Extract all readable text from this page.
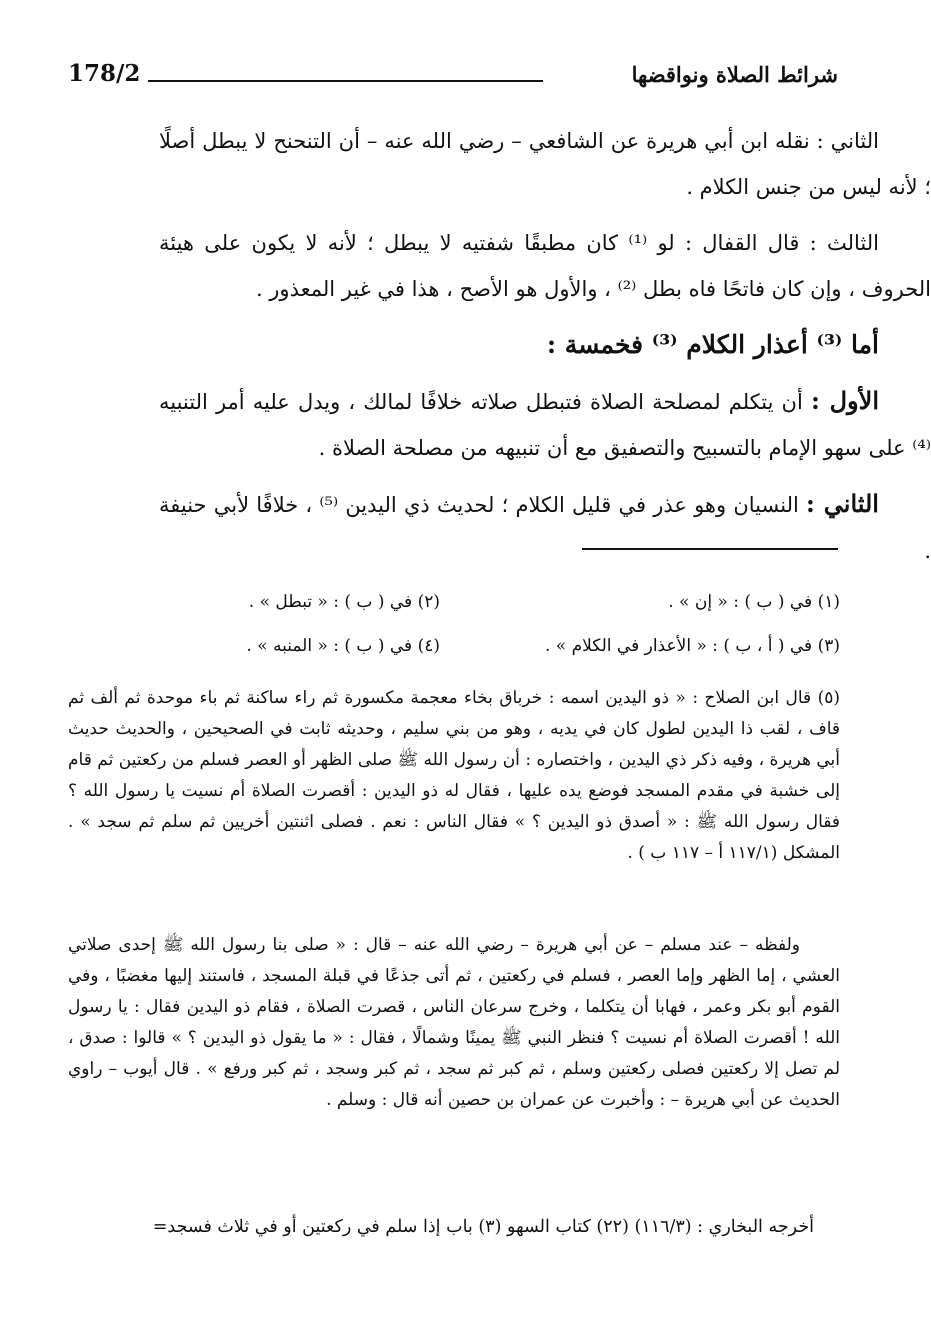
178/2	شرائط الصلاة ونواقضها

الثاني : نقله ابن أبي هريرة عن الشافعي – رضي الله عنه – أن التنحنح لا يبطل أصلًا ؛ لأنه ليس من جنس الكلام .

الثالث : قال القفال : لو ⁽¹⁾ كان مطبقًا شفتيه لا يبطل ؛ لأنه لا يكون على هيئة الحروف ، وإن كان فاتحًا فاه بطل ⁽²⁾ ، والأول هو الأصح ، هذا في غير المعذور .

أما ⁽³⁾ أعذار الكلام ⁽³⁾ فخمسة :

الأول : أن يتكلم لمصلحة الصلاة فتبطل صلاته خلافًا لمالك ، ويدل عليه أمر التنبيه ⁽⁴⁾ على سهو الإمام بالتسبيح والتصفيق مع أن تنبيهه من مصلحة الصلاة .

الثاني : النسيان وهو عذر في قليل الكلام ؛ لحديث ذي اليدين ⁽⁵⁾ ، خلافًا لأبي حنيفة .

(١) في ( ب ) : « إن » .
(٢) في ( ب ) : « تبطل » .
(٣) في ( أ ، ب ) : « الأعذار في الكلام » .
(٤) في ( ب ) : « المنبه » .

(٥) قال ابن الصلاح : « ذو اليدين اسمه : خرباق بخاء معجمة مكسورة ثم راء ساكنة ثم باء موحدة ثم ألف ثم قاف ، لقب ذا اليدين لطول كان في يديه ، وهو من بني سليم ، وحديثه ثابت في الصحيحين ، والحديث حديث أبي هريرة ، وفيه ذكر ذي اليدين ، واختصاره : أن رسول الله ﷺ صلى الظهر أو العصر فسلم من ركعتين ثم قام إلى خشبة في مقدم المسجد فوضع يده عليها ، فقال له ذو اليدين : أقصرت الصلاة أم نسيت يا رسول الله ؟ فقال رسول الله ﷺ : « أصدق ذو اليدين ؟ » فقال الناس : نعم . فصلى اثنتين أخريين ثم سلم ثم سجد » . المشكل (١١٧/١ أ – ١١٧ ب ) .

ولفظه – عند مسلم – عن أبي هريرة – رضي الله عنه – قال : « صلى بنا رسول الله ﷺ إحدى صلاتي العشي ، إما الظهر وإما العصر ، فسلم في ركعتين ، ثم أتى جذعًا في قبلة المسجد ، فاستند إليها مغضبًا ، وفي القوم أبو بكر وعمر ، فهابا أن يتكلما ، وخرج سرعان الناس ، قصرت الصلاة ، فقام ذو اليدين فقال : يا رسول الله ! أقصرت الصلاة أم نسيت ؟ فنظر النبي ﷺ يمينًا وشمالًا ، فقال : « ما يقول ذو اليدين ؟ » قالوا : صدق ، لم تصل إلا ركعتين فصلى ركعتين وسلم ، ثم كبر ثم سجد ، ثم كبر وسجد ، ثم كبر ورفع » . قال أيوب – راوي الحديث عن أبي هريرة – : وأخبرت عن عمران بن حصين أنه قال : وسلم .

أخرجه البخاري : (١١٦/٣) (٢٢) كتاب السهو (٣) باب إذا سلم في ركعتين أو في ثلاث فسجد=
